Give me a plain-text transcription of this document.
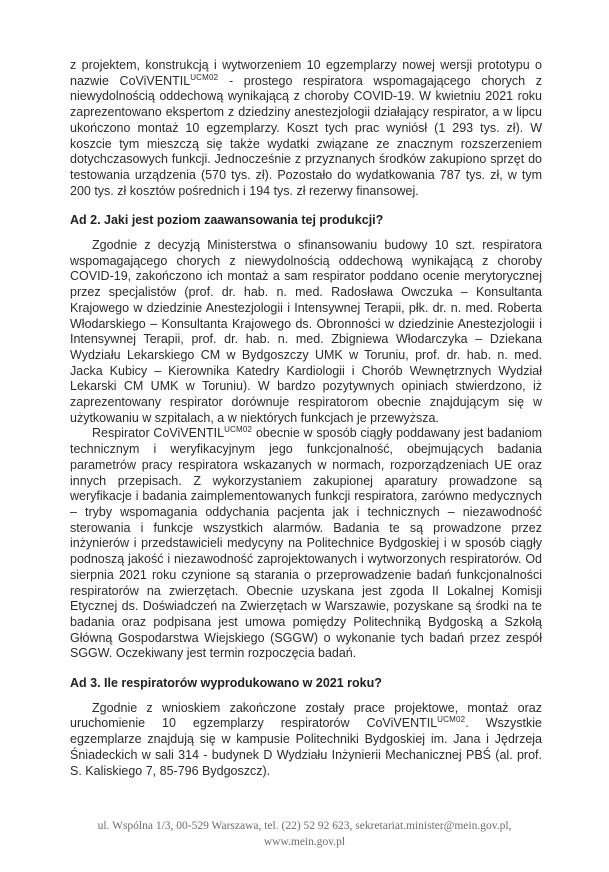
z projektem, konstrukcją i wytworzeniem 10 egzemplarzy nowej wersji prototypu o nazwie CoViVENTIL$^{UCM02}$ - prostego respiratora wspomagającego chorych z niewydolnością oddechową wynikającą z choroby COVID-19. W kwietniu 2021 roku zaprezentowano ekspertom z dziedziny anestezjologii działający respirator, a w lipcu ukończono montaż 10 egzemplarzy. Koszt tych prac wyniósł (1 293 tys. zł). W koszcie tym mieszczą się także wydatki związane ze znacznym rozszerzeniem dotychczasowych funkcji. Jednocześnie z przyznanych środków zakupiono sprzęt do testowania urządzenia (570 tys. zł). Pozostało do wydatkowania 787 tys. zł, w tym 200 tys. zł kosztów pośrednich i 194 tys. zł rezerwy finansowej.

Ad 2. Jaki jest poziom zaawansowania tej produkcji?

Zgodnie z decyzją Ministerstwa o sfinansowaniu budowy 10 szt. respiratora wspomagającego chorych z niewydolnością oddechową wynikającą z choroby COVID-19, zakończono ich montaż a sam respirator poddano ocenie merytorycznej przez specjalistów (prof. dr. hab. n. med. Radosława Owczuka – Konsultanta Krajowego w dziedzinie Anestezjologii i Intensywnej Terapii, płk. dr. n. med. Roberta Włodarskiego – Konsultanta Krajowego ds. Obronności w dziedzinie Anestezjologii i Intensywnej Terapii, prof. dr. hab. n. med. Zbigniewa Włodarczyka – Dziekana Wydziału Lekarskiego CM w Bydgoszczy UMK w Toruniu, prof. dr. hab. n. med. Jacka Kubicy – Kierownika Katedry Kardiologii i Chorób Wewnętrznych Wydział Lekarski CM UMK w Toruniu). W bardzo pozytywnych opiniach stwierdzono, iż zaprezentowany respirator dorównuje respiratorom obecnie znajdującym się w użytkowaniu w szpitalach, a w niektórych funkcjach je przewyższa.

Respirator CoViVENTIL$^{UCM02}$ obecnie w sposób ciągły poddawany jest badaniom technicznym i weryfikacyjnym jego funkcjonalność, obejmujących badania parametrów pracy respiratora wskazanych w normach, rozporządzeniach UE oraz innych przepisach. Z wykorzystaniem zakupionej aparatury prowadzone są weryfikacje i badania zaimplementowanych funkcji respiratora, zarówno medycznych – tryby wspomagania oddychania pacjenta jak i technicznych – niezawodność sterowania i funkcje wszystkich alarmów. Badania te są prowadzone przez inżynierów i przedstawicieli medycyny na Politechnice Bydgoskiej i w sposób ciągły podnoszą jakość i niezawodność zaprojektowanych i wytworzonych respiratorów. Od sierpnia 2021 roku czynione są starania o przeprowadzenie badań funkcjonalności respiratorów na zwierzętach. Obecnie uzyskana jest zgoda II Lokalnej Komisji Etycznej ds. Doświadczeń na Zwierzętach w Warszawie, pozyskane są środki na te badania oraz podpisana jest umowa pomiędzy Politechniką Bydgoską a Szkołą Główną Gospodarstwa Wiejskiego (SGGW) o wykonanie tych badań przez zespół SGGW. Oczekiwany jest termin rozpoczęcia badań.

Ad 3. Ile respiratorów wyprodukowano w 2021 roku?

Zgodnie z wnioskiem zakończone zostały prace projektowe, montaż oraz uruchomienie 10 egzemplarzy respiratorów CoViVENTIL$^{UCM02}$. Wszystkie egzemplarze znajdują się w kampusie Politechniki Bydgoskiej im. Jana i Jędrzeja Śniadeckich w sali 314 - budynek D Wydziału Inżynierii Mechanicznej PBŚ (al. prof. S. Kaliskiego 7, 85-796 Bydgoszcz).

ul. Wspólna 1/3, 00-529 Warszawa, tel. (22) 52 92 623, sekretariat.minister@mein.gov.pl,
www.mein.gov.pl
